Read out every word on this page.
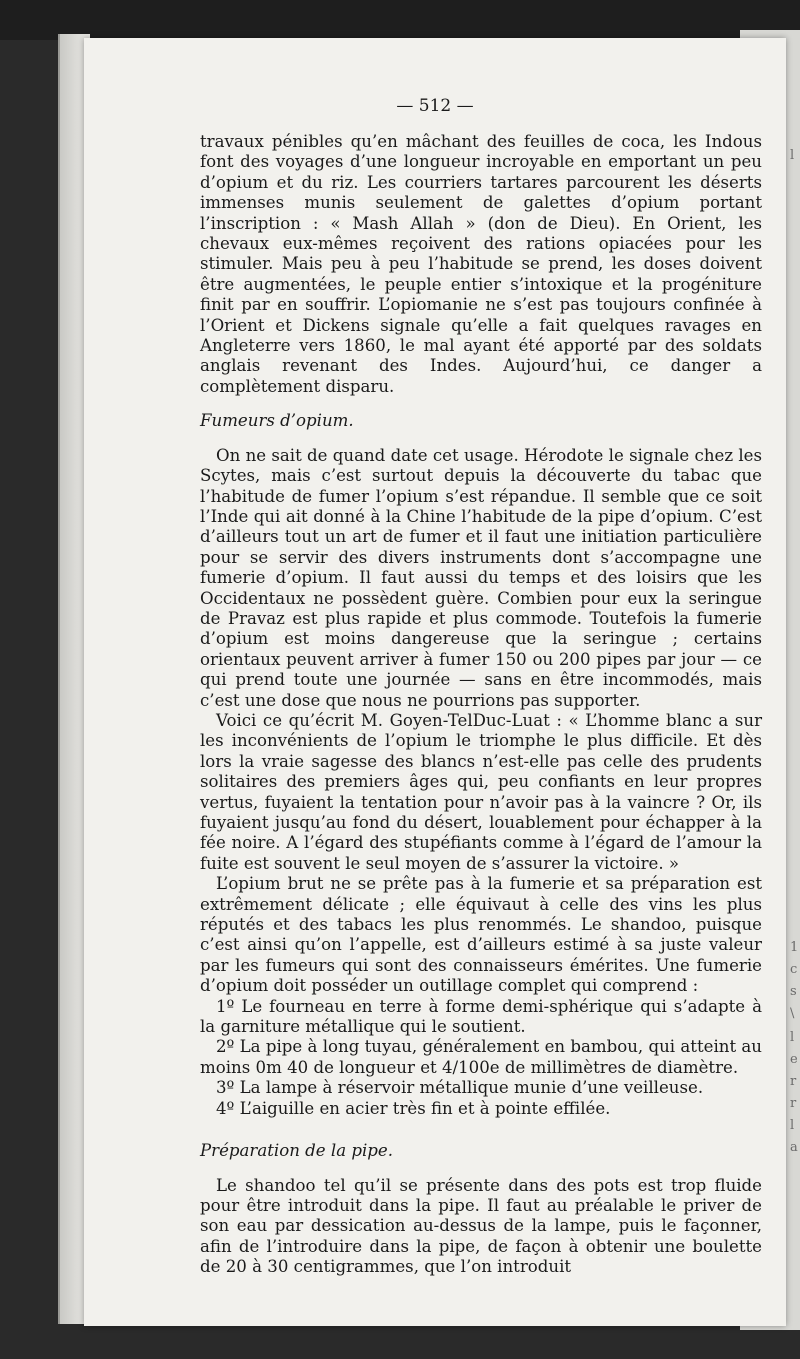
— 512 —

travaux pénibles qu’en mâchant des feuilles de coca, les Indous font des voyages d’une longueur incroyable en emportant un peu d’opium et du riz. Les courriers tartares parcourent les déserts immenses munis seulement de galettes d’opium portant l’inscription : « Mash Allah » (don de Dieu). En Orient, les chevaux eux-mêmes reçoivent des rations opiacées pour les stimuler. Mais peu à peu l’habitude se prend, les doses doivent être augmentées, le peuple entier s’intoxique et la progéniture finit par en souffrir. L’opiomanie ne s’est pas toujours confinée à l’Orient et Dickens signale qu’elle a fait quelques ravages en Angleterre vers 1860, le mal ayant été apporté par des soldats anglais revenant des Indes. Aujourd’hui, ce danger a complètement disparu.

Fumeurs d’opium.

On ne sait de quand date cet usage. Hérodote le signale chez les Scytes, mais c’est surtout depuis la découverte du tabac que l’habitude de fumer l’opium s’est répandue. Il semble que ce soit l’Inde qui ait donné à la Chine l’habitude de la pipe d’opium. C’est d’ailleurs tout un art de fumer et il faut une initiation particulière pour se servir des divers instruments dont s’accompagne une fumerie d’opium. Il faut aussi du temps et des loisirs que les Occidentaux ne possèdent guère. Combien pour eux la seringue de Pravaz est plus rapide et plus commode. Toutefois la fumerie d’opium est moins dangereuse que la seringue ; certains orientaux peuvent arriver à fumer 150 ou 200 pipes par jour — ce qui prend toute une journée — sans en être incommodés, mais c’est une dose que nous ne pourrions pas supporter.

Voici ce qu’écrit M. Goyen-TelDuc-Luat : « L’homme blanc a sur les inconvénients de l’opium le triomphe le plus difficile. Et dès lors la vraie sagesse des blancs n’est-elle pas celle des prudents solitaires des premiers âges qui, peu confiants en leur propres vertus, fuyaient la tentation pour n’avoir pas à la vaincre ? Or, ils fuyaient jusqu’au fond du désert, louablement pour échapper à la fée noire. A l’égard des stupéfiants comme à l’égard de l’amour la fuite est souvent le seul moyen de s’assurer la victoire. »

L’opium brut ne se prête pas à la fumerie et sa préparation est extrêmement délicate ; elle équivaut à celle des vins les plus réputés et des tabacs les plus renommés. Le shandoo, puisque c’est ainsi qu’on l’appelle, est d’ailleurs estimé à sa juste valeur par les fumeurs qui sont des connaisseurs émérites. Une fumerie d’opium doit posséder un outillage complet qui comprend :

1º Le fourneau en terre à forme demi-sphérique qui s’adapte à la garniture métallique qui le soutient.

2º La pipe à long tuyau, généralement en bambou, qui atteint au moins 0m 40 de longueur et 4/100e de millimètres de diamètre.

3º La lampe à réservoir métallique munie d’une veilleuse.

4º L’aiguille en acier très fin et à pointe effilée.

Préparation de la pipe.

Le shandoo tel qu’il se présente dans des pots est trop fluide pour être introduit dans la pipe. Il faut au préalable le priver de son eau par dessication au-dessus de la lampe, puis le façonner, afin de l’introduire dans la pipe, de façon à obtenir une boulette de 20 à 30 centigrammes, que l’on introduit

l
1
c
s
\
l
e
r
r
l
a
